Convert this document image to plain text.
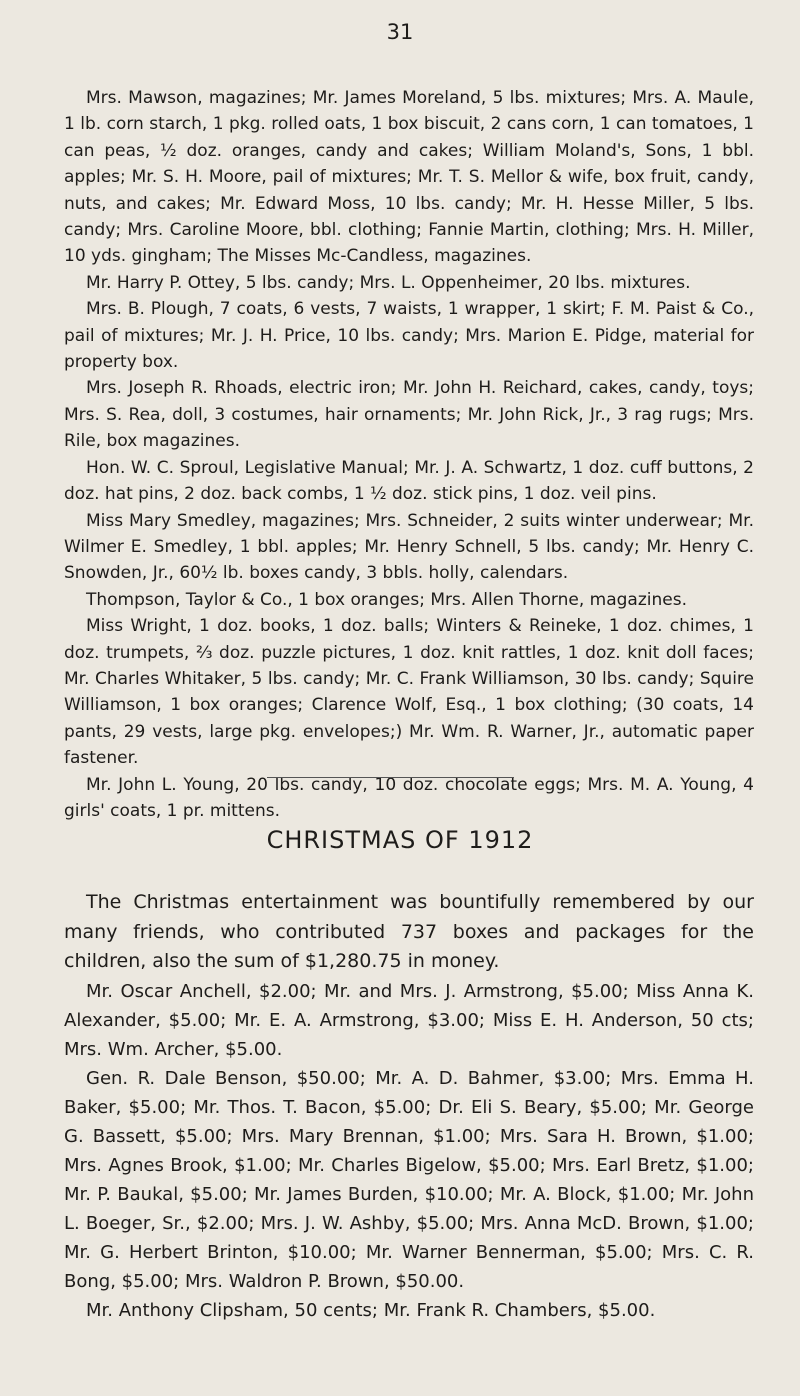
31

Mrs. Mawson, magazines; Mr. James Moreland, 5 lbs. mixtures; Mrs. A. Maule, 1 lb. corn starch, 1 pkg. rolled oats, 1 box biscuit, 2 cans corn, 1 can tomatoes, 1 can peas, ½ doz. oranges, candy and cakes; William Moland's, Sons, 1 bbl. apples; Mr. S. H. Moore, pail of mixtures; Mr. T. S. Mellor & wife, box fruit, candy, nuts, and cakes; Mr. Edward Moss, 10 lbs. candy; Mr. H. Hesse Miller, 5 lbs. candy; Mrs. Caroline Moore, bbl. clothing; Fannie Martin, clothing; Mrs. H. Miller, 10 yds. gingham; The Misses Mc-Candless, magazines.

Mr. Harry P. Ottey, 5 lbs. candy; Mrs. L. Oppenheimer, 20 lbs. mixtures.

Mrs. B. Plough, 7 coats, 6 vests, 7 waists, 1 wrapper, 1 skirt; F. M. Paist & Co., pail of mixtures; Mr. J. H. Price, 10 lbs. candy; Mrs. Marion E. Pidge, material for property box.

Mrs. Joseph R. Rhoads, electric iron; Mr. John H. Reichard, cakes, candy, toys; Mrs. S. Rea, doll, 3 costumes, hair ornaments; Mr. John Rick, Jr., 3 rag rugs; Mrs. Rile, box magazines.

Hon. W. C. Sproul, Legislative Manual; Mr. J. A. Schwartz, 1 doz. cuff buttons, 2 doz. hat pins, 2 doz. back combs, 1 ½ doz. stick pins, 1 doz. veil pins.

Miss Mary Smedley, magazines; Mrs. Schneider, 2 suits winter underwear; Mr. Wilmer E. Smedley, 1 bbl. apples; Mr. Henry Schnell, 5 lbs. candy; Mr. Henry C. Snowden, Jr., 60½ lb. boxes candy, 3 bbls. holly, calendars.

Thompson, Taylor & Co., 1 box oranges; Mrs. Allen Thorne, magazines.

Miss Wright, 1 doz. books, 1 doz. balls; Winters & Reineke, 1 doz. chimes, 1 doz. trumpets, ⅔ doz. puzzle pictures, 1 doz. knit rattles, 1 doz. knit doll faces; Mr. Charles Whitaker, 5 lbs. candy; Mr. C. Frank Williamson, 30 lbs. candy; Squire Williamson, 1 box oranges; Clarence Wolf, Esq., 1 box clothing; (30 coats, 14 pants, 29 vests, large pkg. envelopes;) Mr. Wm. R. Warner, Jr., automatic paper fastener.

Mr. John L. Young, 20 lbs. candy, 10 doz. chocolate eggs; Mrs. M. A. Young, 4 girls' coats, 1 pr. mittens.

CHRISTMAS OF 1912

The Christmas entertainment was bountifully remembered by our many friends, who contributed 737 boxes and packages for the children, also the sum of $1,280.75 in money.

Mr. Oscar Anchell, $2.00; Mr. and Mrs. J. Armstrong, $5.00; Miss Anna K. Alexander, $5.00; Mr. E. A. Armstrong, $3.00; Miss E. H. Anderson, 50 cts; Mrs. Wm. Archer, $5.00.

Gen. R. Dale Benson, $50.00; Mr. A. D. Bahmer, $3.00; Mrs. Emma H. Baker, $5.00; Mr. Thos. T. Bacon, $5.00; Dr. Eli S. Beary, $5.00; Mr. George G. Bassett, $5.00; Mrs. Mary Brennan, $1.00; Mrs. Sara H. Brown, $1.00; Mrs. Agnes Brook, $1.00; Mr. Charles Bigelow, $5.00; Mrs. Earl Bretz, $1.00; Mr. P. Baukal, $5.00; Mr. James Burden, $10.00; Mr. A. Block, $1.00; Mr. John L. Boeger, Sr., $2.00; Mrs. J. W. Ashby, $5.00; Mrs. Anna McD. Brown, $1.00; Mr. G. Herbert Brinton, $10.00; Mr. Warner Bennerman, $5.00; Mrs. C. R. Bong, $5.00; Mrs. Waldron P. Brown, $50.00.

Mr. Anthony Clipsham, 50 cents; Mr. Frank R. Chambers, $5.00.
